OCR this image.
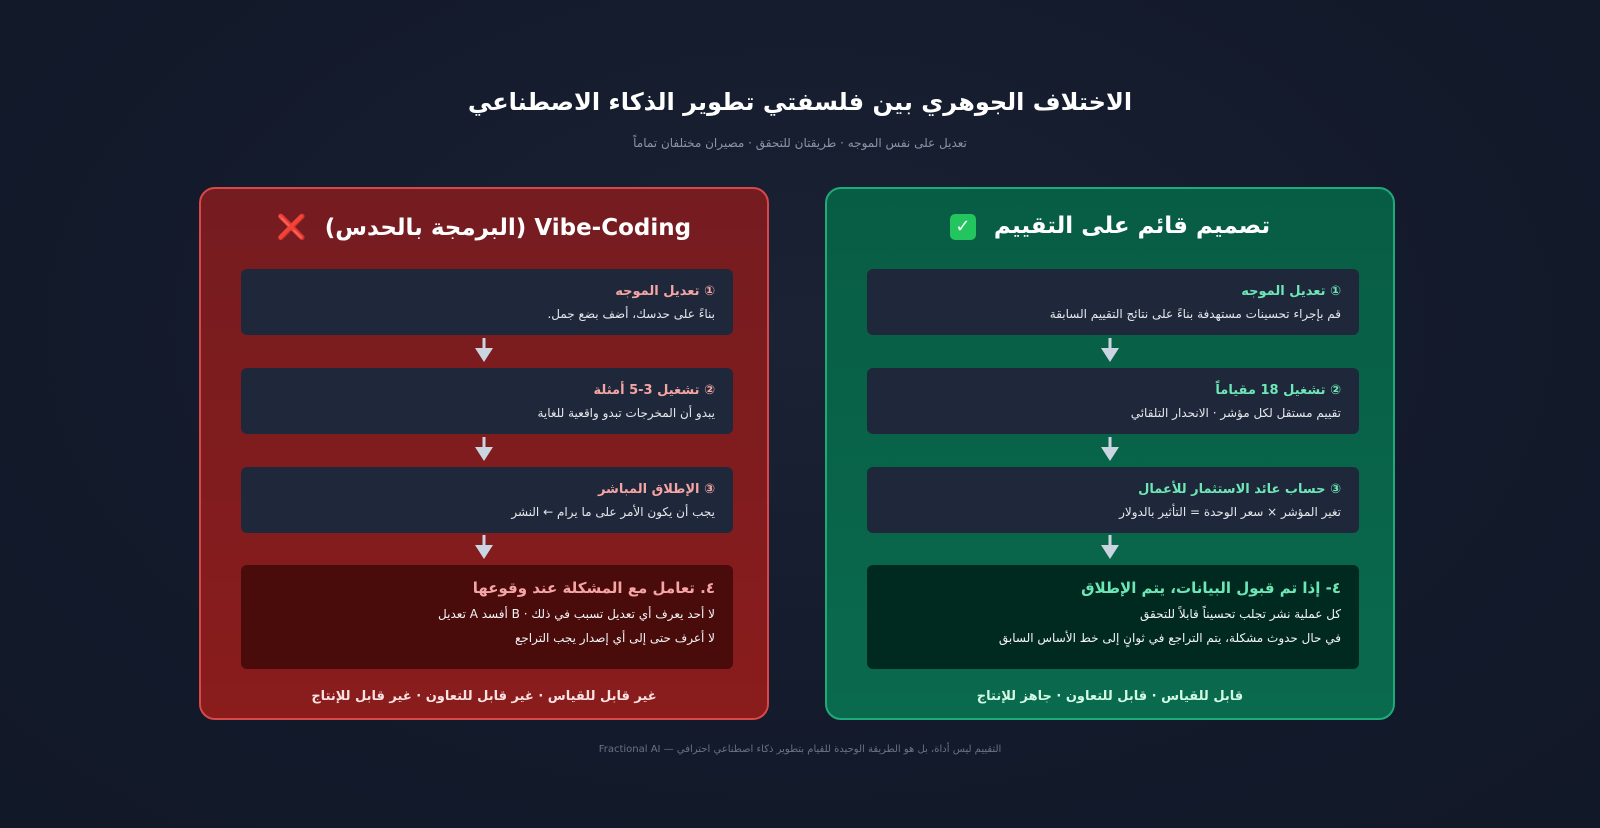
الاختلاف الجوهري بين فلسفتي تطوير الذكاء الاصطناعي
تعديل على نفس الموجه · طريقتان للتحقق · مصيران مختلفان تماماً
Vibe-Coding (البرمجة بالحدس) ❌
① تعديل الموجه
بناءً على حدسك، أضف بضع جمل.
② تشغيل 3-5 أمثلة
يبدو أن المخرجات تبدو واقعية للغاية
③ الإطلاق المباشر
يجب أن يكون الأمر على ما يرام ← النشر
٤. تعامل مع المشكلة عند وقوعها
لا أحد يعرف أي تعديل تسبب في ذلك · B أفسد A تعديل
لا أعرف حتى إلى أي إصدار يجب التراجع
غير قابل للقياس · غير قابل للتعاون · غير قابل للإنتاج
تصميم قائم على التقييم ✓
① تعديل الموجه
قم بإجراء تحسينات مستهدفة بناءً على نتائج التقييم السابقة
② تشغيل 18 مقياماً
تقييم مستقل لكل مؤشر · الانحدار التلقائي
③ حساب عائد الاستثمار للأعمال
تغير المؤشر × سعر الوحدة = التأثير بالدولار
٤- إذا تم قبول البيانات، يتم الإطلاق
كل عملية نشر تجلب تحسيناً قابلاً للتحقق
في حال حدوث مشكلة، يتم التراجع في ثوانٍ إلى خط الأساس السابق
قابل للقياس · قابل للتعاون · جاهز للإنتاج
التقييم ليس أداة، بل هو الطريقة الوحيدة للقيام بتطوير ذكاء اصطناعي احترافي — Fractional AI
